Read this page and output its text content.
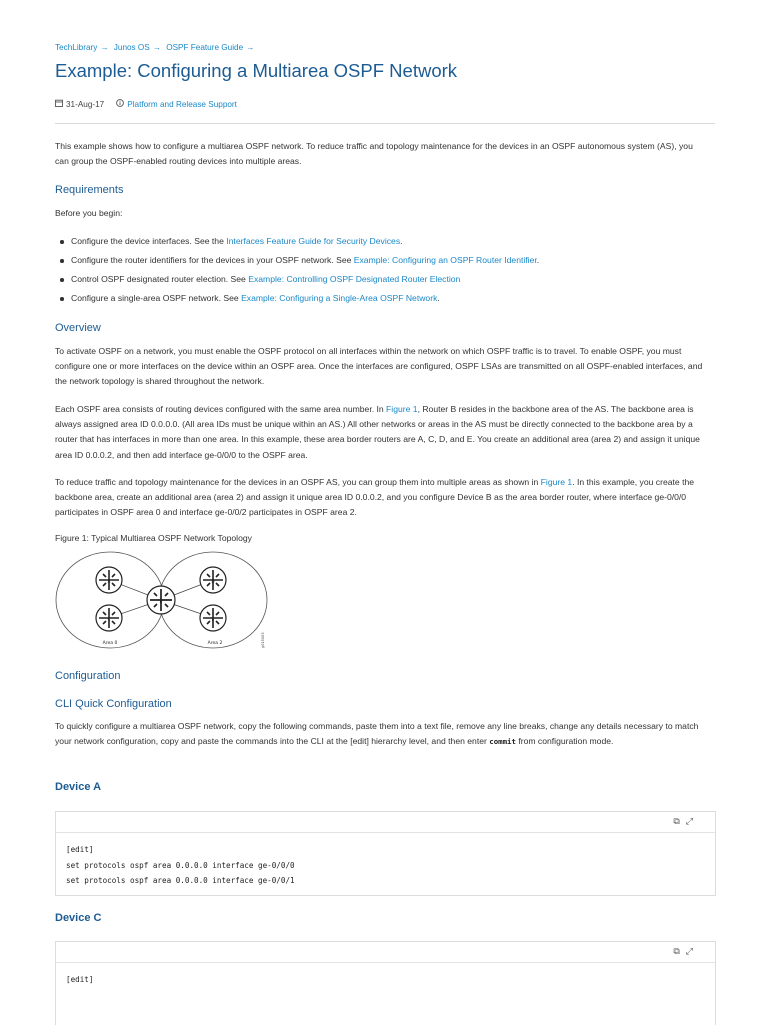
TechLibrary → Junos OS → OSPF Feature Guide →
Example: Configuring a Multiarea OSPF Network
31-Aug-17	Platform and Release Support

This example shows how to configure a multiarea OSPF network. To reduce traffic and topology maintenance for the devices in an OSPF autonomous system (AS), you can group the OSPF-enabled routing devices into multiple areas.

Requirements

Before you begin:

Configure the device interfaces. See the Interfaces Feature Guide for Security Devices.
Configure the router identifiers for the devices in your OSPF network. See Example: Configuring an OSPF Router Identifier.
Control OSPF designated router election. See Example: Controlling OSPF Designated Router Election
Configure a single-area OSPF network. See Example: Configuring a Single-Area OSPF Network.
Overview

To activate OSPF on a network, you must enable the OSPF protocol on all interfaces within the network on which OSPF traffic is to travel. To enable OSPF, you must configure one or more interfaces on the device within an OSPF area. Once the interfaces are configured, OSPF LSAs are transmitted on all OSPF-enabled interfaces, and the network topology is shared throughout the network.

Each OSPF area consists of routing devices configured with the same area number. In Figure 1, Router B resides in the backbone area of the AS. The backbone area is always assigned area ID 0.0.0.0. (All area IDs must be unique within an AS.) All other networks or areas in the AS must be directly connected to the backbone area by a router that has interfaces in more than one area. In this example, these area border routers are A, C, D, and E. You create an additional area (area 2) and assign it unique area ID 0.0.0.2, and then add interface ge-0/0/0 to the OSPF area.

To reduce traffic and topology maintenance for the devices in an OSPF AS, you can group them into multiple areas as shown in Figure 1. In this example, you create the backbone area, create an additional area (area 2) and assign it unique area ID 0.0.0.2, and you configure Device B as the area border router, where interface ge-0/0/0 participates in OSPF area 0 and interface ge-0/0/2 participates in OSPF area 2.

Figure 1: Typical Multiarea OSPF Network Topology
A
C
B
D
E
Area 0	Area 2	g015003
Configuration
CLI Quick Configuration

To quickly configure a multiarea OSPF network, copy the following commands, paste them into a text file, remove any line breaks, change any details necessary to match your network configuration, copy and paste the commands into the CLI at the [edit] hierarchy level, and then enter commit from configuration mode.

Device A
⧉⤢
[edit]
set protocols ospf area 0.0.0.0 interface ge-0/0/0
set protocols ospf area 0.0.0.0 interface ge-0/0/1
Device C
⧉⤢
[edit]
